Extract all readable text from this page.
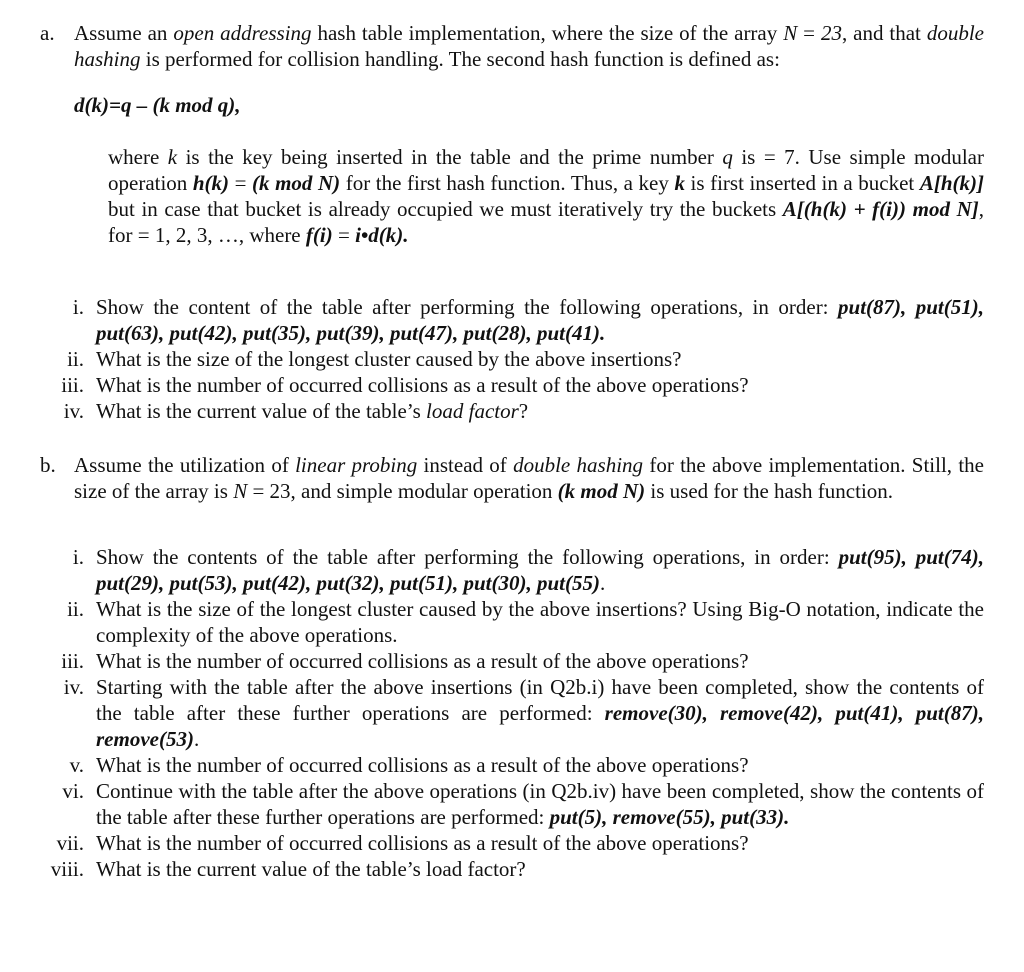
a. Assume an open addressing hash table implementation, where the size of the array N = 23, and that double hashing is performed for collision handling. The second hash function is defined as:

d(k)=q – (k mod q),

where k is the key being inserted in the table and the prime number q is = 7. Use simple modular operation h(k) = (k mod N) for the first hash function. Thus, a key k is first inserted in a bucket A[h(k)] but in case that bucket is already occupied we must iteratively try the buckets A[(h(k) + f(i)) mod N], for = 1, 2, 3, …, where f(i) = i•d(k).

i. Show the content of the table after performing the following operations, in order: put(87), put(51), put(63), put(42), put(35), put(39), put(47), put(28), put(41).
ii. What is the size of the longest cluster caused by the above insertions?
iii. What is the number of occurred collisions as a result of the above operations?
iv. What is the current value of the table’s load factor?
b. Assume the utilization of linear probing instead of double hashing for the above implementation. Still, the size of the array is N = 23, and simple modular operation (k mod N) is used for the hash function.

i. Show the contents of the table after performing the following operations, in order: put(95), put(74), put(29), put(53), put(42), put(32), put(51), put(30), put(55).
ii. What is the size of the longest cluster caused by the above insertions? Using Big-O notation, indicate the complexity of the above operations.
iii. What is the number of occurred collisions as a result of the above operations?
iv. Starting with the table after the above insertions (in Q2b.i) have been completed, show the contents of the table after these further operations are performed: remove(30), remove(42), put(41), put(87), remove(53).
v. What is the number of occurred collisions as a result of the above operations?
vi. Continue with the table after the above operations (in Q2b.iv) have been completed, show the contents of the table after these further operations are performed: put(5), remove(55), put(33).
vii. What is the number of occurred collisions as a result of the above operations?
viii. What is the current value of the table’s load factor?
